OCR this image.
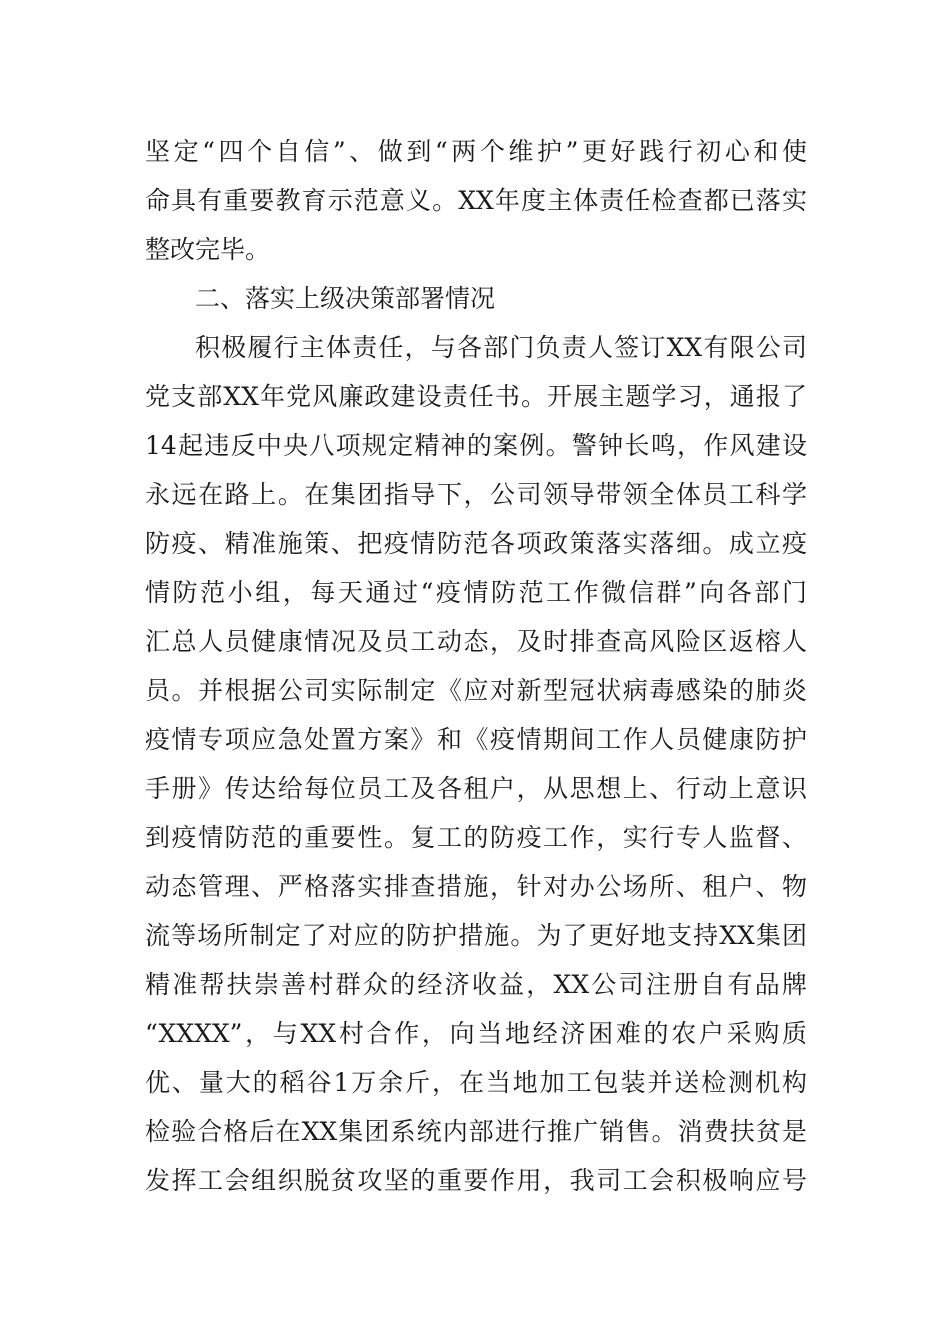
坚定“四个自信”、做到“两个维护”更好践行初心和使
命具有重要教育示范意义。XX年度主体责任检查都已落实
整改完毕。
二、落实上级决策部署情况
积极履行主体责任，与各部门负责人签订XX有限公司
党支部XX年党风廉政建设责任书。开展主题学习，通报了
14起违反中央八项规定精神的案例。警钟长鸣，作风建设
永远在路上。在集团指导下，公司领导带领全体员工科学
防疫、精准施策、把疫情防范各项政策落实落细。成立疫
情防范小组，每天通过“疫情防范工作微信群”向各部门
汇总人员健康情况及员工动态，及时排查高风险区返榕人
员。并根据公司实际制定《应对新型冠状病毒感染的肺炎
疫情专项应急处置方案》和《疫情期间工作人员健康防护
手册》传达给每位员工及各租户，从思想上、行动上意识
到疫情防范的重要性。复工的防疫工作，实行专人监督、
动态管理、严格落实排查措施，针对办公场所、租户、物
流等场所制定了对应的防护措施。为了更好地支持XX集团
精准帮扶崇善村群众的经济收益，XX公司注册自有品牌
“XXXX”，与XX村合作，向当地经济困难的农户采购质
优、量大的稻谷1万余斤，在当地加工包装并送检测机构
检验合格后在XX集团系统内部进行推广销售。消费扶贫是
发挥工会组织脱贫攻坚的重要作用，我司工会积极响应号
